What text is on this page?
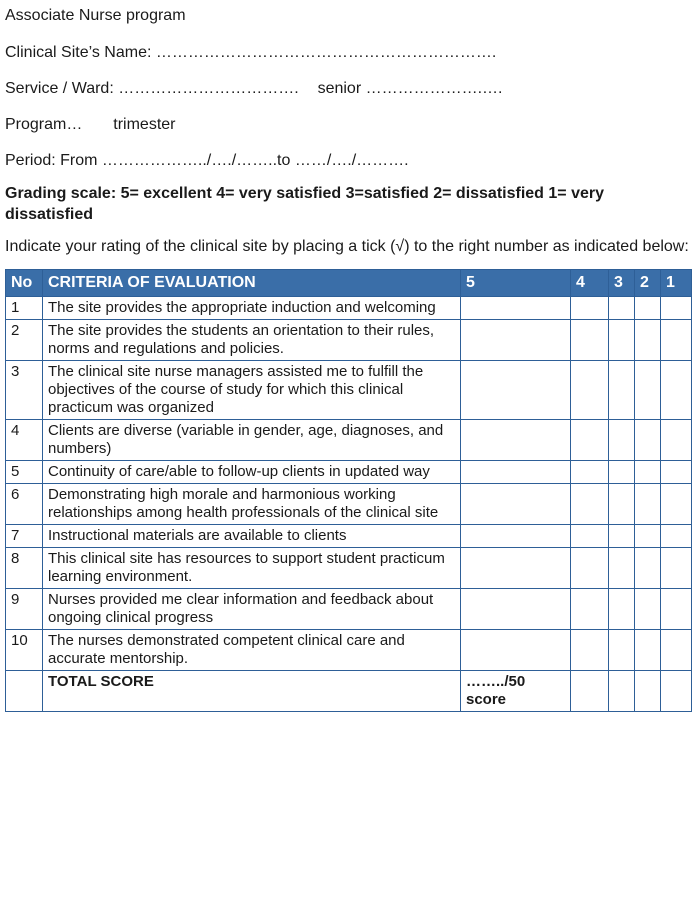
Associate Nurse program
Clinical Site’s Name: ……………………………………………………….
Service / Ward: ……………………………. senior ………………….….
Program… trimester
Period: From ………………../…./……..to ……/…./……….
Grading scale: 5= excellent 4= very satisfied 3=satisfied 2= dissatisfied 1= very dissatisfied
Indicate your rating of the clinical site by placing a tick (√) to the right number as indicated below:
No	CRITERIA OF EVALUATION	5	4	3	2	1
1	The site provides the appropriate induction and welcoming					
2	The site provides the students an orientation to their rules, norms and regulations and policies.					
3	The clinical site nurse managers assisted me to fulfill the objectives of the course of study for which this clinical practicum was organized					
4	Clients are diverse (variable in gender, age, diagnoses, and numbers)					
5	Continuity of care/able to follow-up clients in updated way					
6	Demonstrating high morale and harmonious working relationships among health professionals of the clinical site					
7	Instructional materials are available to clients					
8	This clinical site has resources to support student practicum learning environment.					
9	Nurses provided me clear information and feedback about ongoing clinical progress					
10	The nurses demonstrated competent clinical care and accurate mentorship.					
	TOTAL SCORE	……../50
score				
